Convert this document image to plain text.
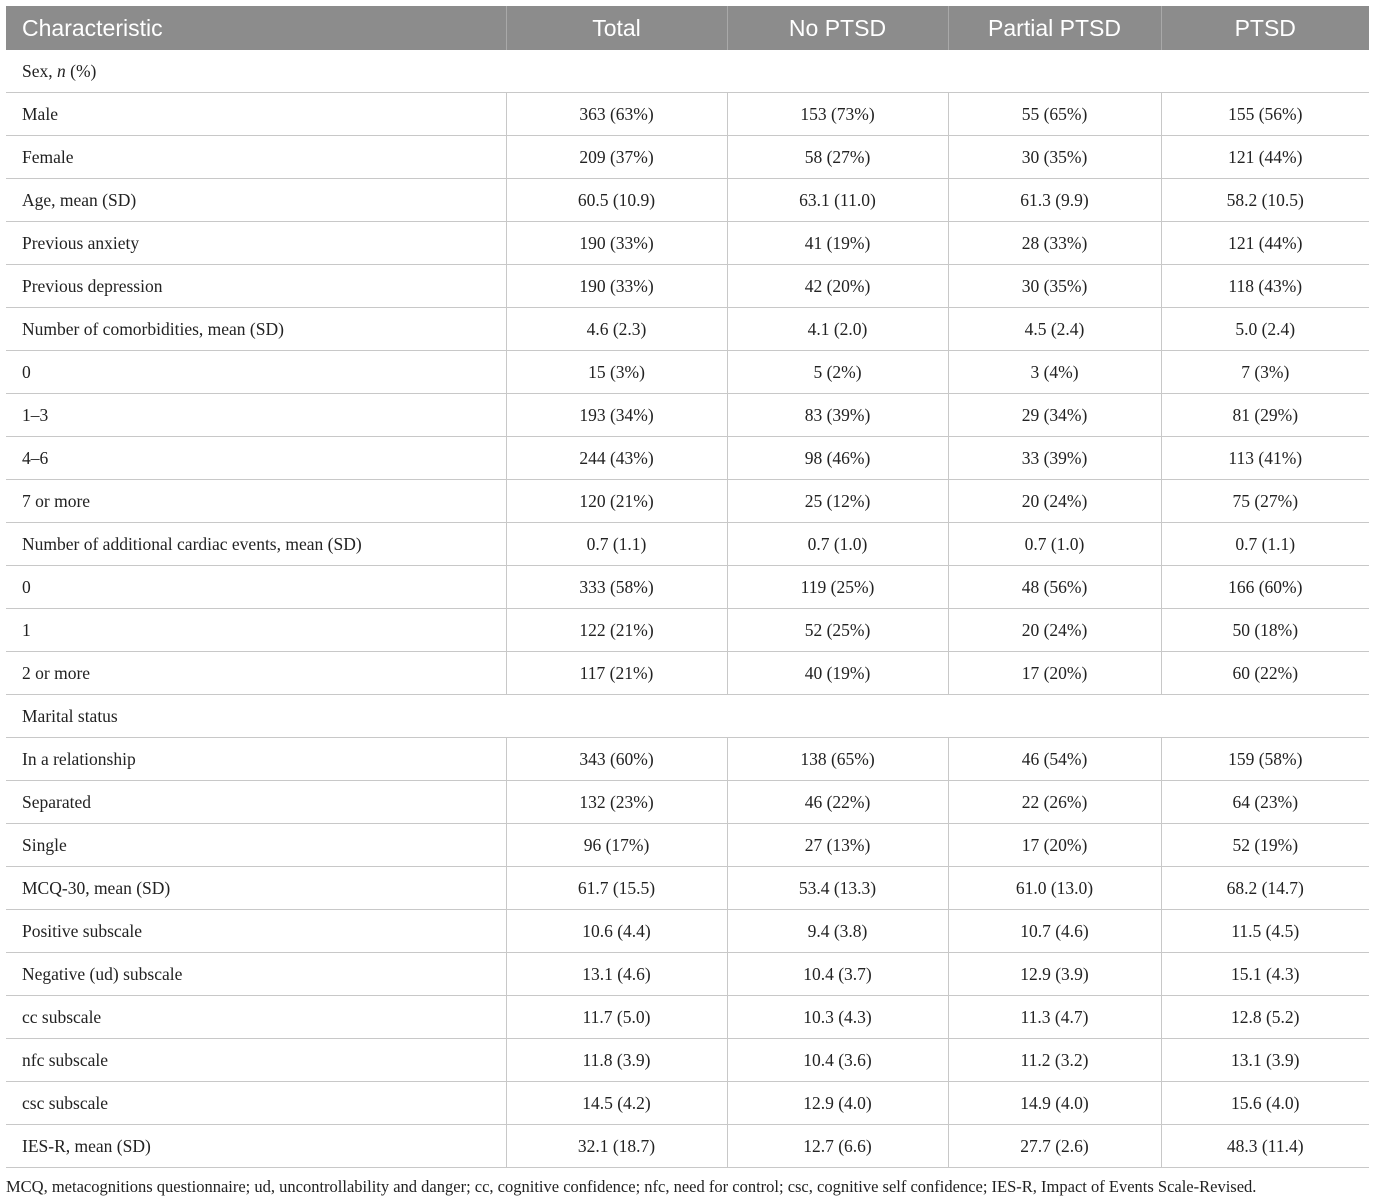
Characteristic	Total	No PTSD	Partial PTSD	PTSD
Sex, n (%)				
Male	363 (63%)	153 (73%)	55 (65%)	155 (56%)
Female	209 (37%)	58 (27%)	30 (35%)	121 (44%)
Age, mean (SD)	60.5 (10.9)	63.1 (11.0)	61.3 (9.9)	58.2 (10.5)
Previous anxiety	190 (33%)	41 (19%)	28 (33%)	121 (44%)
Previous depression	190 (33%)	42 (20%)	30 (35%)	118 (43%)
Number of comorbidities, mean (SD)	4.6 (2.3)	4.1 (2.0)	4.5 (2.4)	5.0 (2.4)
0	15 (3%)	5 (2%)	3 (4%)	7 (3%)
1–3	193 (34%)	83 (39%)	29 (34%)	81 (29%)
4–6	244 (43%)	98 (46%)	33 (39%)	113 (41%)
7 or more	120 (21%)	25 (12%)	20 (24%)	75 (27%)
Number of additional cardiac events, mean (SD)	0.7 (1.1)	0.7 (1.0)	0.7 (1.0)	0.7 (1.1)
0	333 (58%)	119 (25%)	48 (56%)	166 (60%)
1	122 (21%)	52 (25%)	20 (24%)	50 (18%)
2 or more	117 (21%)	40 (19%)	17 (20%)	60 (22%)
Marital status				
In a relationship	343 (60%)	138 (65%)	46 (54%)	159 (58%)
Separated	132 (23%)	46 (22%)	22 (26%)	64 (23%)
Single	96 (17%)	27 (13%)	17 (20%)	52 (19%)
MCQ-30, mean (SD)	61.7 (15.5)	53.4 (13.3)	61.0 (13.0)	68.2 (14.7)
Positive subscale	10.6 (4.4)	9.4 (3.8)	10.7 (4.6)	11.5 (4.5)
Negative (ud) subscale	13.1 (4.6)	10.4 (3.7)	12.9 (3.9)	15.1 (4.3)
cc subscale	11.7 (5.0)	10.3 (4.3)	11.3 (4.7)	12.8 (5.2)
nfc subscale	11.8 (3.9)	10.4 (3.6)	11.2 (3.2)	13.1 (3.9)
csc subscale	14.5 (4.2)	12.9 (4.0)	14.9 (4.0)	15.6 (4.0)
IES-R, mean (SD)	32.1 (18.7)	12.7 (6.6)	27.7 (2.6)	48.3 (11.4)
MCQ, metacognitions questionnaire; ud, uncontrollability and danger; cc, cognitive confidence; nfc, need for control; csc, cognitive self confidence; IES-R, Impact of Events Scale-Revised.
